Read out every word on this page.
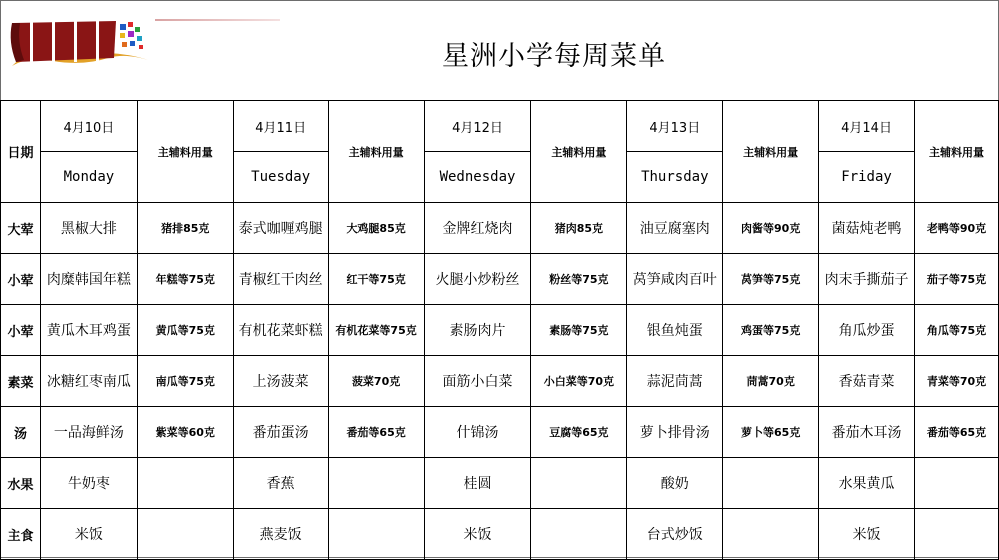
星洲小学每周菜单
日期	4月10日	主辅料用量	4月11日	主辅料用量	4月12日	主辅料用量	4月13日	主辅料用量	4月14日	主辅料用量
	Monday		Tuesday		Wednesday		Thursday		Friday	
大荤	黑椒大排	猪排85克	泰式咖喱鸡腿	大鸡腿85克	金牌红烧肉	猪肉85克	油豆腐塞肉	肉酱等90克	菌菇炖老鸭	老鸭等90克
小荤	肉糜韩国年糕	年糕等75克	青椒红干肉丝	红干等75克	火腿小炒粉丝	粉丝等75克	莴笋咸肉百叶	莴笋等75克	肉末手撕茄子	茄子等75克
小荤	黄瓜木耳鸡蛋	黄瓜等75克	有机花菜虾糕	有机花菜等75克	素肠肉片	素肠等75克	银鱼炖蛋	鸡蛋等75克	角瓜炒蛋	角瓜等75克
素菜	冰糖红枣南瓜	南瓜等75克	上汤菠菜	菠菜70克	面筋小白菜	小白菜等70克	蒜泥茼蒿	茼蒿70克	香菇青菜	青菜等70克
汤	一品海鲜汤	紫菜等60克	番茄蛋汤	番茄等65克	什锦汤	豆腐等65克	萝卜排骨汤	萝卜等65克	番茄木耳汤	番茄等65克
水果	牛奶枣		香蕉		桂圆		酸奶		水果黄瓜	
主食	米饭		燕麦饭		米饭		台式炒饭		米饭	
